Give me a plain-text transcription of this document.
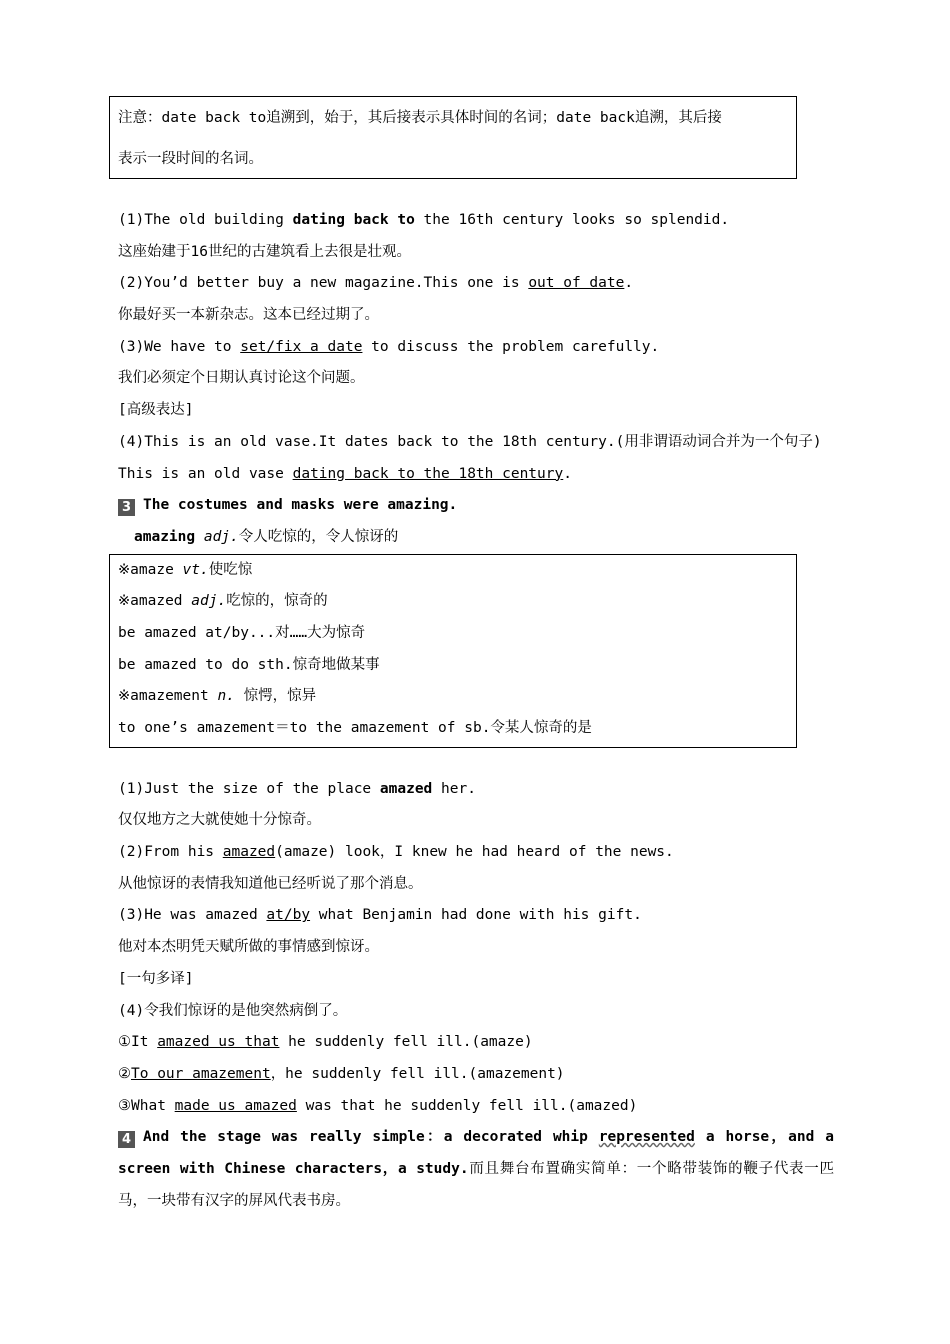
注意：date back to追溯到，始于，其后接表示具体时间的名词；date back追溯，其后接
表示一段时间的名词。
(1)The old building dating back to the 16th century looks so splendid.
这座始建于16世纪的古建筑看上去很是壮观。
(2)You’d better buy a new magazine.This one is out of date.
你最好买一本新杂志。这本已经过期了。
(3)We have to set/fix a date to discuss the problem carefully.
我们必须定个日期认真讨论这个问题。
[高级表达]
(4)This is an old vase.It dates back to the 18th century.(用非谓语动词合并为一个句子)
This is an old vase dating back to the 18th century.
3 The costumes and masks were amazing.
amazing adj.令人吃惊的，令人惊讶的
※amaze vt.使吃惊
※amazed adj.吃惊的，惊奇的
be amazed at/by...对……大为惊奇
be amazed to do sth.惊奇地做某事
※amazement n. 惊愕，惊异
to one’s amazement＝to the amazement of sb.令某人惊奇的是
(1)Just the size of the place amazed her.
仅仅地方之大就使她十分惊奇。
(2)From his amazed(amaze) look，I knew he had heard of the news.
从他惊讶的表情我知道他已经听说了那个消息。
(3)He was amazed at/by what Benjamin had done with his gift.
他对本杰明凭天赋所做的事情感到惊讶。
[一句多译]
(4)令我们惊讶的是他突然病倒了。
①It amazed us that he suddenly fell ill.(amaze)
②To our amazement，he suddenly fell ill.(amazement)
③What made us amazed was that he suddenly fell ill.(amazed)
4 And the stage was really simple：a decorated whip represented a horse，and a screen with Chinese characters，a study.而且舞台布置确实简单：一个略带装饰的鞭子代表一匹马，一块带有汉字的屏风代表书房。
